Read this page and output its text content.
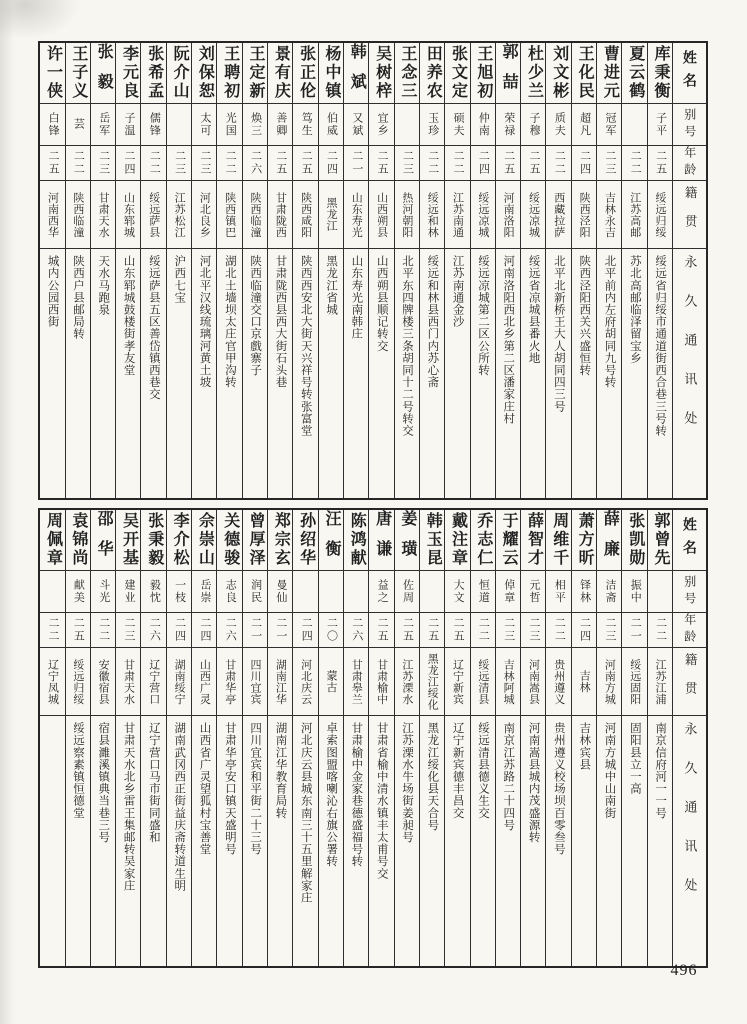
姓名
别号
年龄
籍贯
永久通讯处
库秉衡
子平
二五
绥远归绥
绥远省归绥市通道街西合巷三号转
夏云鹤
二二
江苏高邮
苏北高邮临泽留宝乡
曹进元
冠军
二三
吉林永吉
北平前内左府胡同九号转
王化民
超凡
二四
陕西泾阳
陕西泾阳西关兴盛恒转
刘文彬
质夫
二二
西藏拉萨
北平北新桥王大人胡同四三号
杜少兰
子穆
二五
绥远凉城
绥远省凉城县番火地
郭喆
荣禄
二五
河南洛阳
河南洛阳西北乡第二区潘家庄村
王旭初
仲南
二四
绥远凉城
绥远凉城第二区公所转
张文定
硕夫
二二
江苏南通
江苏南通金沙
田养农
玉珍
二二
绥远和林
绥远和林县西门内苏心斋
王念三
二三
热河朝阳
北平东四牌楼三条胡同十二号转交
吴树梓
宜乡
二五
山西朔县
山西朔县顺记转交
韩斌
又斌
二一
山东寿光
山东寿光南韩庄
杨中镇
伯威
二四
黑龙江
黑龙江省城
张正伦
笃生
二五
陕西咸阳
陕西西安北大街天兴祥号转张富堂
景有庆
善卿
二五
甘肃陇西
甘肃陇西县西大街石头巷
王定新
焕三
二六
陕西临潼
陕西临潼交口京戲寨子
王聘初
光国
二二
陕西镇巴
湖北土墙坝太庄官甲沟转
刘保恕
太可
二三
河北良乡
河北平汉线琉璃河黄土坡
阮介山
二三
江苏松江
沪西七宝
张希孟
儒锋
二二
绥远萨县
绥远萨县五区善岱镇西巷交
李元良
子温
二四
山东郓城
山东郓城鼓楼街孝友堂
张毅
岳军
二三
甘肃天水
天水马跑泉
王子义
芸
二二
陕西临潼
陕西户县邮局转
许一侠
白锋
二五
河南西华
城内公园西街
姓名
别号
年龄
籍贯
永久通讯处
郭曾先
二二
江苏江浦
南京信府河一一号
张凯勋
振中
二一
绥远固阳
固阳县立一高
薛廉
洁斋
二三
河南方城
河南方城中山南街
萧方昕
铎林
二四
吉林
吉林宾县
周维千
相平
二二
贵州遵义
贵州遵义校场坝百零叁号
薛智才
元哲
二三
河南嵩县
河南嵩县城内茂盛源转
于耀云
倬章
二三
吉林阿城
南京江苏路二十四号
乔志仁
恒道
二二
绥远清县
绥远清县德义生交
戴注章
大文
二五
辽宁新宾
辽宁新宾德丰昌交
韩玉昆
二五
黑龙江绥化
黑龙江绥化县天合号
姜璜
佐周
二五
江苏溧水
江苏溧水牛场街姜昶号
唐谦
益之
二五
甘肃榆中
甘肃省榆中清水镇丰太甫号交
陈鸿献
二六
甘肃皋兰
甘肃榆中金家巷德盛福号转
汪衡
二〇
蒙古
卓索图盟喀喇沁右旗公署转
孙绍华
二四
河北庆云
河北庆云县城东南三十五里解家庄
郑宗玄
曼仙
二一
湖南江华
湖南江华教育局转
曾厚泽
润民
二一
四川宜宾
四川宜宾和平街二十三号
关德骏
志良
二六
甘肃华亭
甘肃华亭安口镇天盛明号
佘崇山
岳崇
二四
山西广灵
山西省广灵望狐村宝善堂
李介松
一枝
二四
湖南绥宁
湖南武冈西正街益庆斋转道生明
张秉毅
毅忱
二六
辽宁营口
辽宁营口马市街同盛和
吴开基
建业
二三
甘肃天水
甘肃天水北乡雷王集邮转吴家庄
邵华
斗光
二二
安徽宿县
宿县濉溪镇典当巷三号
袁锦尚
献美
二五
绥远归绥
绥远察素镇恒德堂
周佩章
二二
辽宁凤城
496
